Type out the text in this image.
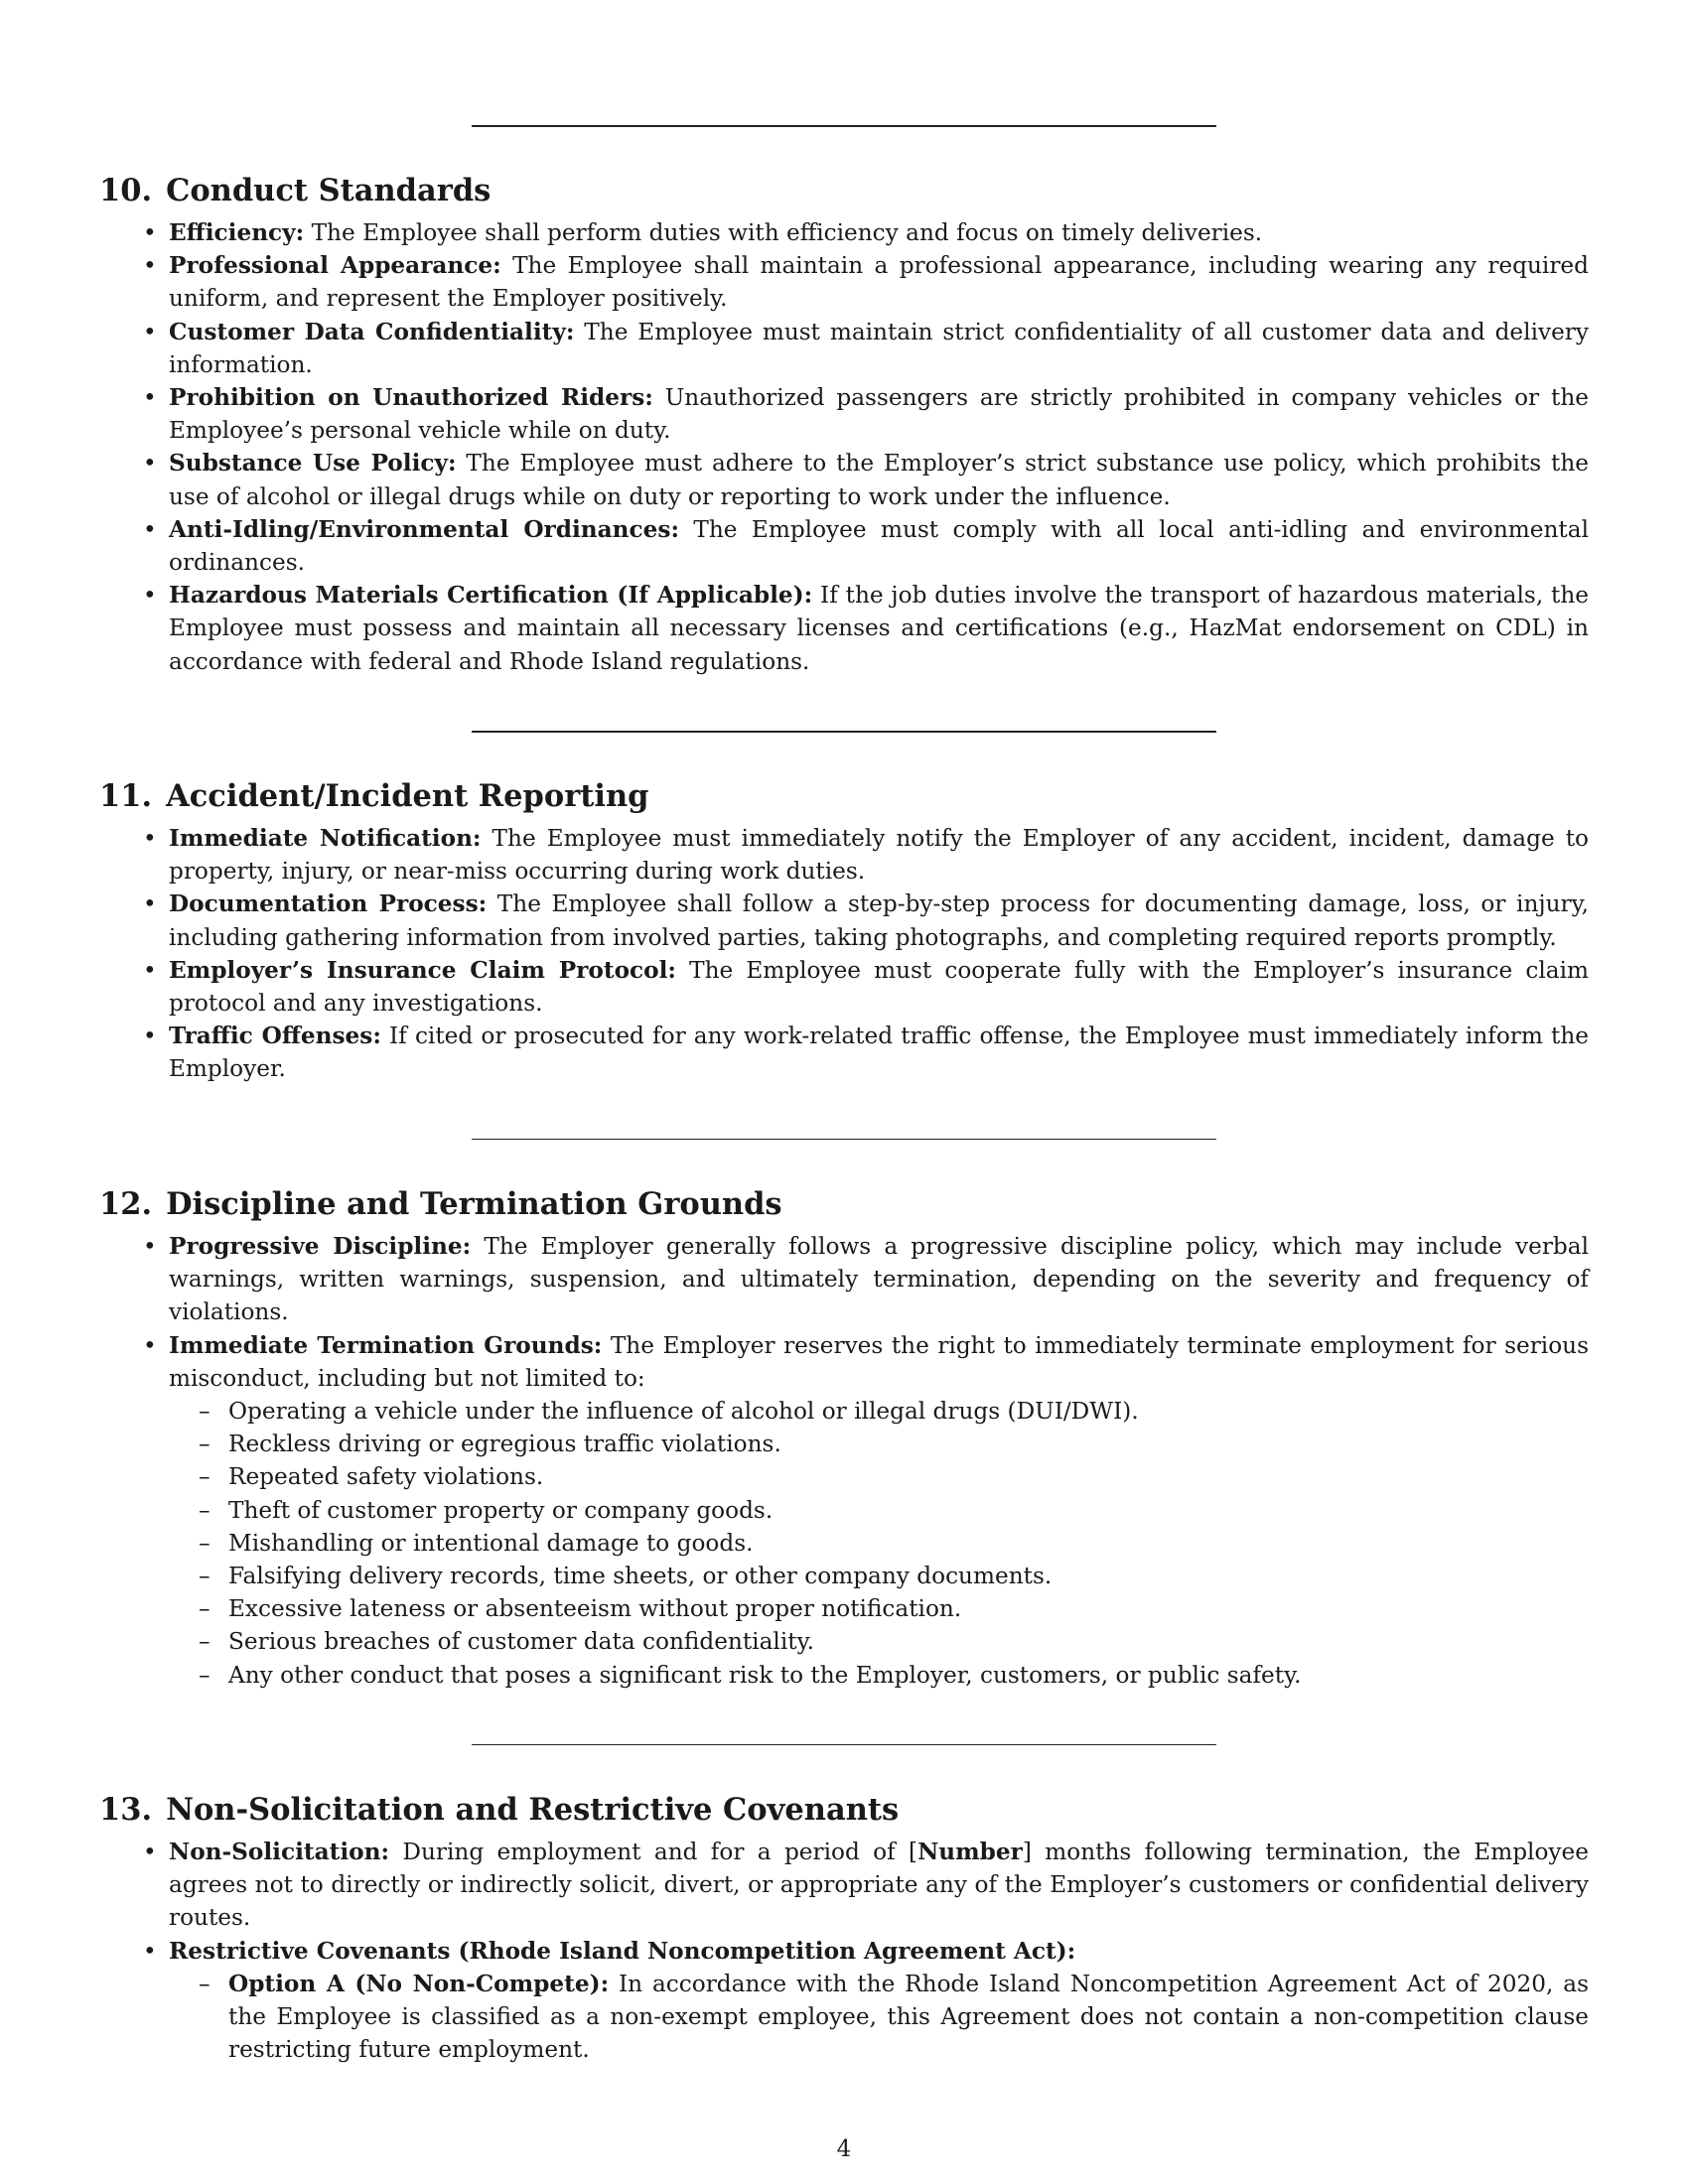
10. Conduct Standards
• Efficiency: The Employee shall perform duties with efficiency and focus on timely deliveries.
• Professional Appearance: The Employee shall maintain a professional appearance, including wearing any required uniform, and represent the Employer positively.
• Customer Data Confidentiality: The Employee must maintain strict confidentiality of all customer data and delivery information.
• Prohibition on Unauthorized Riders: Unauthorized passengers are strictly prohibited in company vehicles or the Employee’s personal vehicle while on duty.
• Substance Use Policy: The Employee must adhere to the Employer’s strict substance use policy, which prohibits the use of alcohol or illegal drugs while on duty or reporting to work under the influence.
• Anti-Idling/Environmental Ordinances: The Employee must comply with all local anti-idling and environmental ordinances.
• Hazardous Materials Certification (If Applicable): If the job duties involve the transport of hazardous materials, the Employee must possess and maintain all necessary licenses and certifications (e.g., HazMat endorsement on CDL) in accordance with federal and Rhode Island regulations.
11. Accident/Incident Reporting
• Immediate Notification: The Employee must immediately notify the Employer of any accident, incident, damage to property, injury, or near-miss occurring during work duties.
• Documentation Process: The Employee shall follow a step-by-step process for documenting damage, loss, or injury, including gathering information from involved parties, taking photographs, and completing required reports promptly.
• Employer’s Insurance Claim Protocol: The Employee must cooperate fully with the Employer’s insurance claim protocol and any investigations.
• Traffic Offenses: If cited or prosecuted for any work-related traffic offense, the Employee must immediately inform the Employer.
12. Discipline and Termination Grounds
• Progressive Discipline: The Employer generally follows a progressive discipline policy, which may include verbal warnings, written warnings, suspension, and ultimately termination, depending on the severity and frequency of violations.
• Immediate Termination Grounds: The Employer reserves the right to immediately terminate employment for serious misconduct, including but not limited to:
– Operating a vehicle under the influence of alcohol or illegal drugs (DUI/DWI).
– Reckless driving or egregious traffic violations.
– Repeated safety violations.
– Theft of customer property or company goods.
– Mishandling or intentional damage to goods.
– Falsifying delivery records, time sheets, or other company documents.
– Excessive lateness or absenteeism without proper notification.
– Serious breaches of customer data confidentiality.
– Any other conduct that poses a significant risk to the Employer, customers, or public safety.
13. Non-Solicitation and Restrictive Covenants
• Non-Solicitation: During employment and for a period of [Number] months following termination, the Employee agrees not to directly or indirectly solicit, divert, or appropriate any of the Employer’s customers or confidential delivery routes.
• Restrictive Covenants (Rhode Island Noncompetition Agreement Act):
– Option A (No Non-Compete): In accordance with the Rhode Island Noncompetition Agreement Act of 2020, as the Employee is classified as a non-exempt employee, this Agreement does not contain a non-competition clause restricting future employment.
4
